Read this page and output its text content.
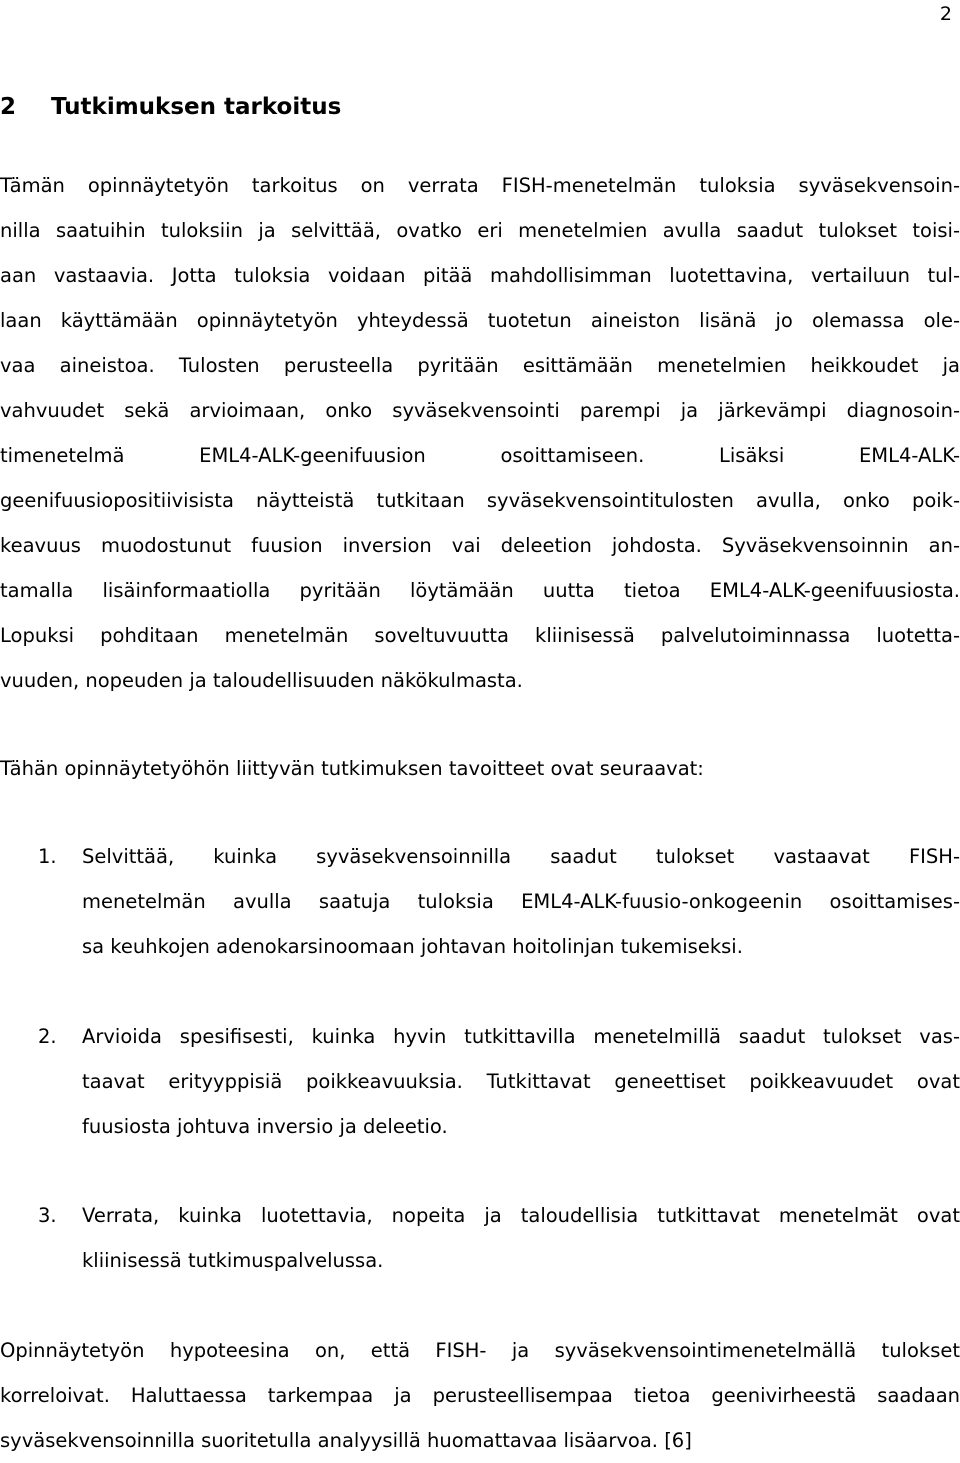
2
2 Tutkimuksen tarkoitus
Tämän opinnäytetyön tarkoitus on verrata FISH-menetelmän tuloksia syväsekvensoin-
nilla saatuihin tuloksiin ja selvittää, ovatko eri menetelmien avulla saadut tulokset toisi-
aan vastaavia. Jotta tuloksia voidaan pitää mahdollisimman luotettavina, vertailuun tul-
laan käyttämään opinnäytetyön yhteydessä tuotetun aineiston lisänä jo olemassa ole-
vaa aineistoa. Tulosten perusteella pyritään esittämään menetelmien heikkoudet ja
vahvuudet sekä arvioimaan, onko syväsekvensointi parempi ja järkevämpi diagnosoin-
timenetelmä EML4-ALK-geenifuusion osoittamiseen. Lisäksi EML4-ALK-
geenifuusiopositiivisista näytteistä tutkitaan syväsekvensointitulosten avulla, onko poik-
keavuus muodostunut fuusion inversion vai deleetion johdosta. Syväsekvensoinnin an-
tamalla lisäinformaatiolla pyritään löytämään uutta tietoa EML4-ALK-geenifuusiosta.
Lopuksi pohditaan menetelmän soveltuvuutta kliinisessä palvelutoiminnassa luotetta-
vuuden, nopeuden ja taloudellisuuden näkökulmasta.
Tähän opinnäytetyöhön liittyvän tutkimuksen tavoitteet ovat seuraavat:
1. Selvittää, kuinka syväsekvensoinnilla saadut tulokset vastaavat FISH-
menetelmän avulla saatuja tuloksia EML4-ALK-fuusio-onkogeenin osoittamises-
sa keuhkojen adenokarsinoomaan johtavan hoitolinjan tukemiseksi.
2. Arvioida spesifisesti, kuinka hyvin tutkittavilla menetelmillä saadut tulokset vas-
taavat erityyppisiä poikkeavuuksia. Tutkittavat geneettiset poikkeavuudet ovat
fuusiosta johtuva inversio ja deleetio.
3. Verrata, kuinka luotettavia, nopeita ja taloudellisia tutkittavat menetelmät ovat
kliinisessä tutkimuspalvelussa.
Opinnäytetyön hypoteesina on, että FISH- ja syväsekvensointimenetelmällä tulokset
korreloivat. Haluttaessa tarkempaa ja perusteellisempaa tietoa geenivirheestä saadaan
syväsekvensoinnilla suoritetulla analyysillä huomattavaa lisäarvoa. [6]
